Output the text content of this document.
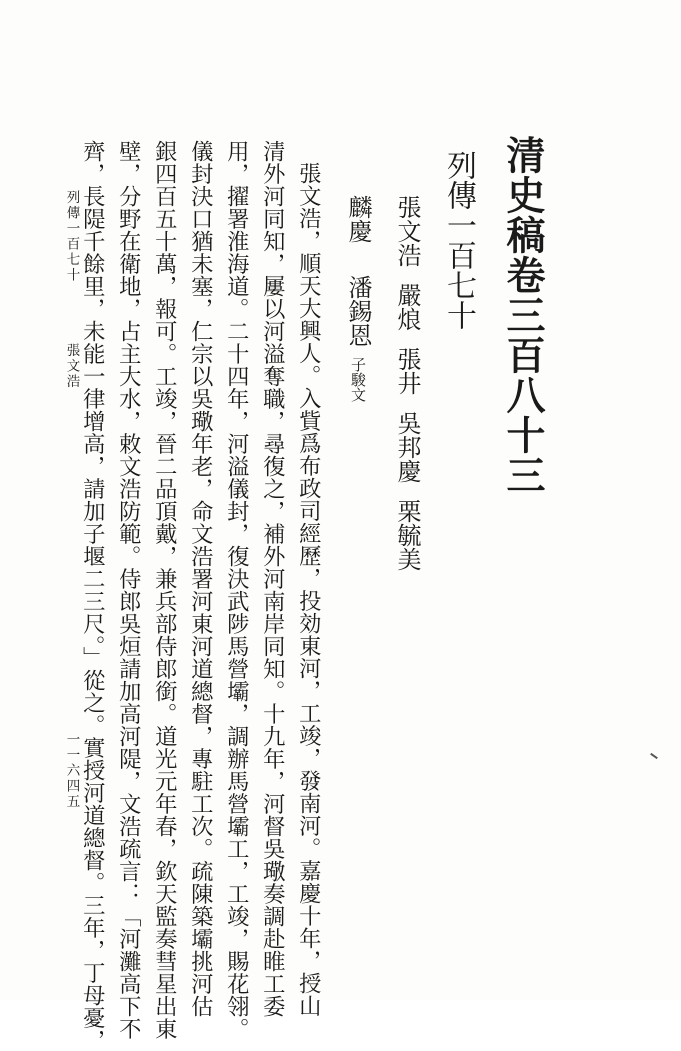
清史稿卷三百八十三
列傳一百七十
張文浩嚴烺張井吳邦慶栗毓美
麟慶潘錫恩子駿文
張文浩，順天大興人。入貲爲布政司經歷，投効東河，工竣，發南河。嘉慶十年，授山
清外河同知，屢以河溢奪職，尋復之，補外河南岸同知。十九年，河督吳璥奏調赴睢工委
用，擢署淮海道。二十四年，河溢儀封，復決武陟馬營壩，調辦馬營壩工，工竣，賜花翎。
儀封決口猶未塞，仁宗以吳璥年老，命文浩署河東河道總督，專駐工次。疏陳築壩挑河估
銀四百五十萬，報可。工竣，晉二品頂戴，兼兵部侍郎銜。道光元年春，欽天監奏彗星出東
壁，分野在衛地，占主大水，敕文浩防範。侍郎吳烜請加高河隄，文浩疏言：「河灘高下不
齊，長隄千餘里，未能一律增高，請加子堰二三尺。」從之。實授河道總督。三年，丁母憂，
列傳一百七十張文浩
一一六四五
